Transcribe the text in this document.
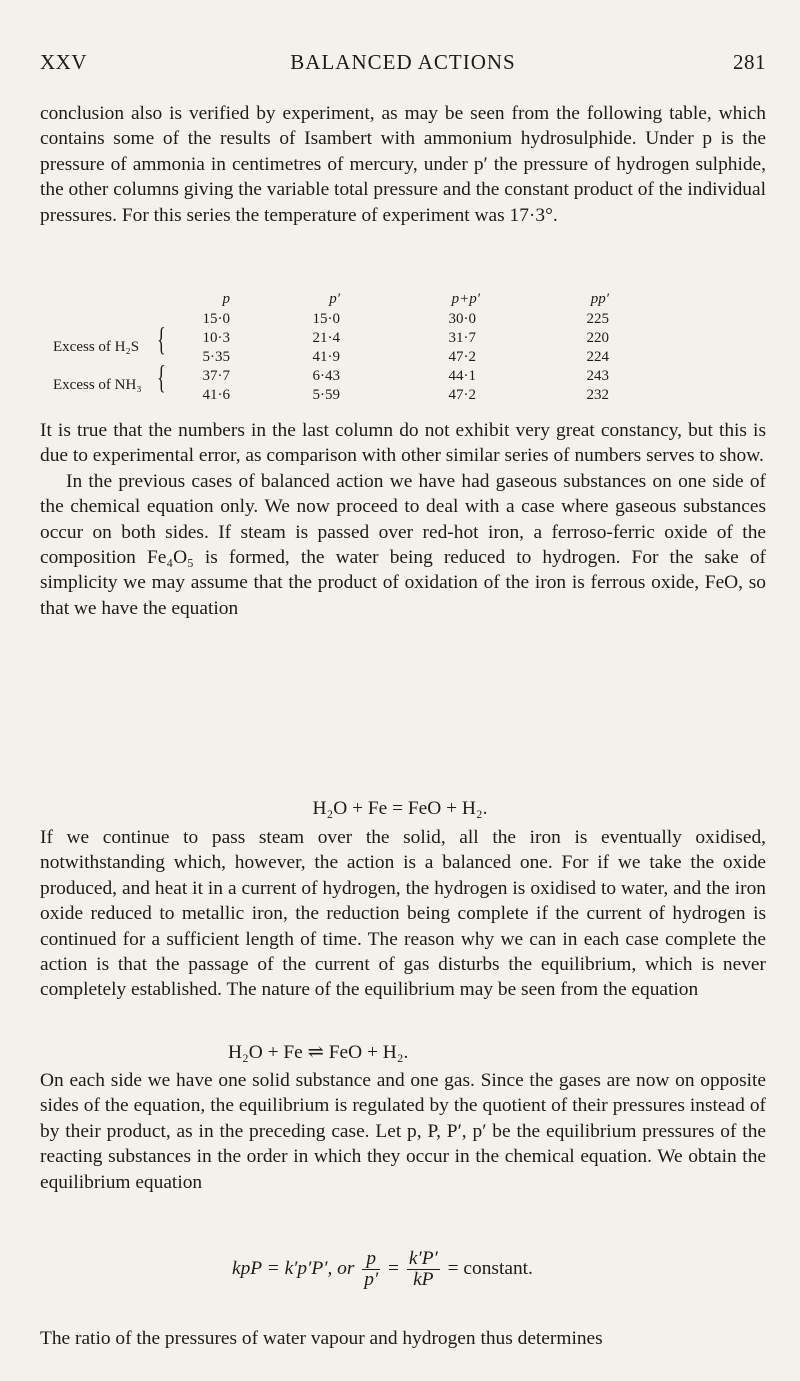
XXV	BALANCED ACTIONS	281

conclusion also is verified by experiment, as may be seen from the following table, which contains some of the results of Isambert with ammonium hydrosulphide. Under p is the pressure of ammonia in centimetres of mercury, under p′ the pressure of hydrogen sulphide, the other columns giving the variable total pressure and the constant product of the individual pressures. For this series the temperature of experiment was 17·3°.

p	p′	p+p′	pp′
15·0	15·0	30·0	225
Excess of H₂S {	10·3	21·4	31·7	220
5·35	41·9	47·2	224
Excess of NH₃ {	37·7	6·43	44·1	243
41·6	5·59	47·2	232

It is true that the numbers in the last column do not exhibit very great constancy, but this is due to experimental error, as comparison with other similar series of numbers serves to show.

In the previous cases of balanced action we have had gaseous substances on one side of the chemical equation only. We now proceed to deal with a case where gaseous substances occur on both sides. If steam is passed over red-hot iron, a ferroso-ferric oxide of the composition Fe₄O₅ is formed, the water being reduced to hydrogen. For the sake of simplicity we may assume that the product of oxidation of the iron is ferrous oxide, FeO, so that we have the equation

H₂O + Fe = FeO + H₂.

If we continue to pass steam over the solid, all the iron is eventually oxidised, notwithstanding which, however, the action is a balanced one. For if we take the oxide produced, and heat it in a current of hydrogen, the hydrogen is oxidised to water, and the iron oxide reduced to metallic iron, the reduction being complete if the current of hydrogen is continued for a sufficient length of time. The reason why we can in each case complete the action is that the passage of the current of gas disturbs the equilibrium, which is never completely established. The nature of the equilibrium may be seen from the equation

H₂O + Fe ⇌ FeO + H₂.

On each side we have one solid substance and one gas. Since the gases are now on opposite sides of the equation, the equilibrium is regulated by the quotient of their pressures instead of by their product, as in the preceding case. Let p, P, P′, p′ be the equilibrium pressures of the reacting substances in the order in which they occur in the chemical equation. We obtain the equilibrium equation

kpP = k′p′P′, or $\frac{p}{p'} = \frac{k'P'}{kP}$ = constant.

The ratio of the pressures of water vapour and hydrogen thus determines
